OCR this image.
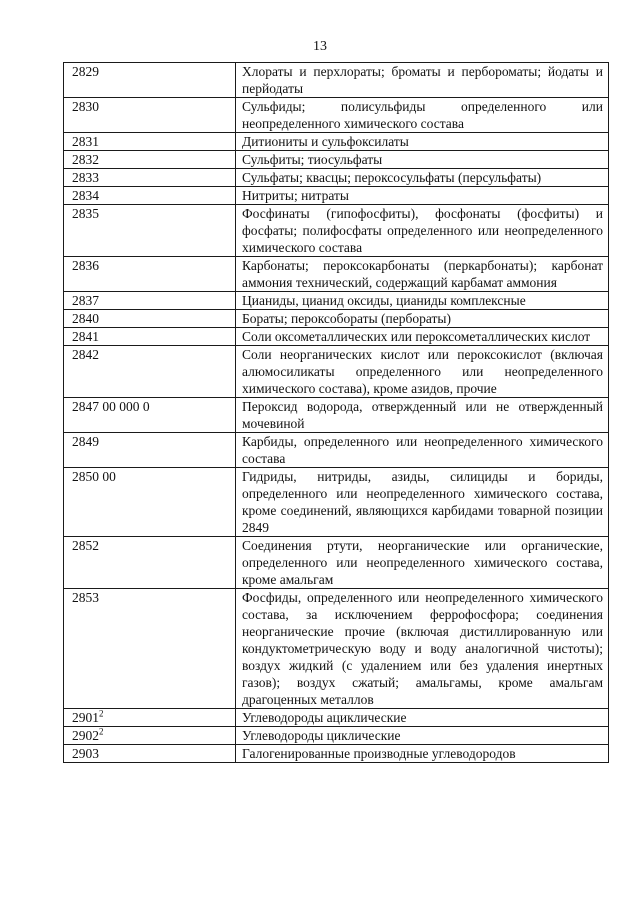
13
2829	Хлораты и перхлораты; броматы и пербороматы; йодаты и перйодаты
2830	Сульфиды; полисульфиды определенного или неопределенного химического состава
2831	Дитиониты и сульфоксилаты
2832	Сульфиты; тиосульфаты
2833	Сульфаты; квасцы; пероксосульфаты (персульфаты)
2834	Нитриты; нитраты
2835	Фосфинаты (гипофосфиты), фосфонаты (фосфиты) и фосфаты; полифосфаты определенного или неопределенного химического состава
2836	Карбонаты; пероксокарбонаты (перкарбонаты); карбонат аммония технический, содержащий карбамат аммония
2837	Цианиды, цианид оксиды, цианиды комплексные
2840	Бораты; пероксобораты (пербораты)
2841	Соли оксометаллических или пероксометаллических кислот
2842	Соли неорганических кислот или пероксокислот (включая алюмосиликаты определенного или неопределенного химического состава), кроме азидов, прочие
2847 00 000 0	Пероксид водорода, отвержденный или не отвержденный мочевиной
2849	Карбиды, определенного или неопределенного химического состава
2850 00	Гидриды, нитриды, азиды, силициды и бориды, определенного или неопределенного химического состава, кроме соединений, являющихся карбидами товарной позиции 2849
2852	Соединения ртути, неорганические или органические, определенного или неопределенного химического состава, кроме амальгам
2853	Фосфиды, определенного или неопределенного химического состава, за исключением феррофосфора; соединения неорганические прочие (включая дистиллированную или кондуктометрическую воду и воду аналогичной чистоты); воздух жидкий (с удалением или без удаления инертных газов); воздух сжатый; амальгамы, кроме амальгам драгоценных металлов
2901$^2$	Углеводороды ациклические
2902$^2$	Углеводороды циклические
2903	Галогенированные производные углеводородов
